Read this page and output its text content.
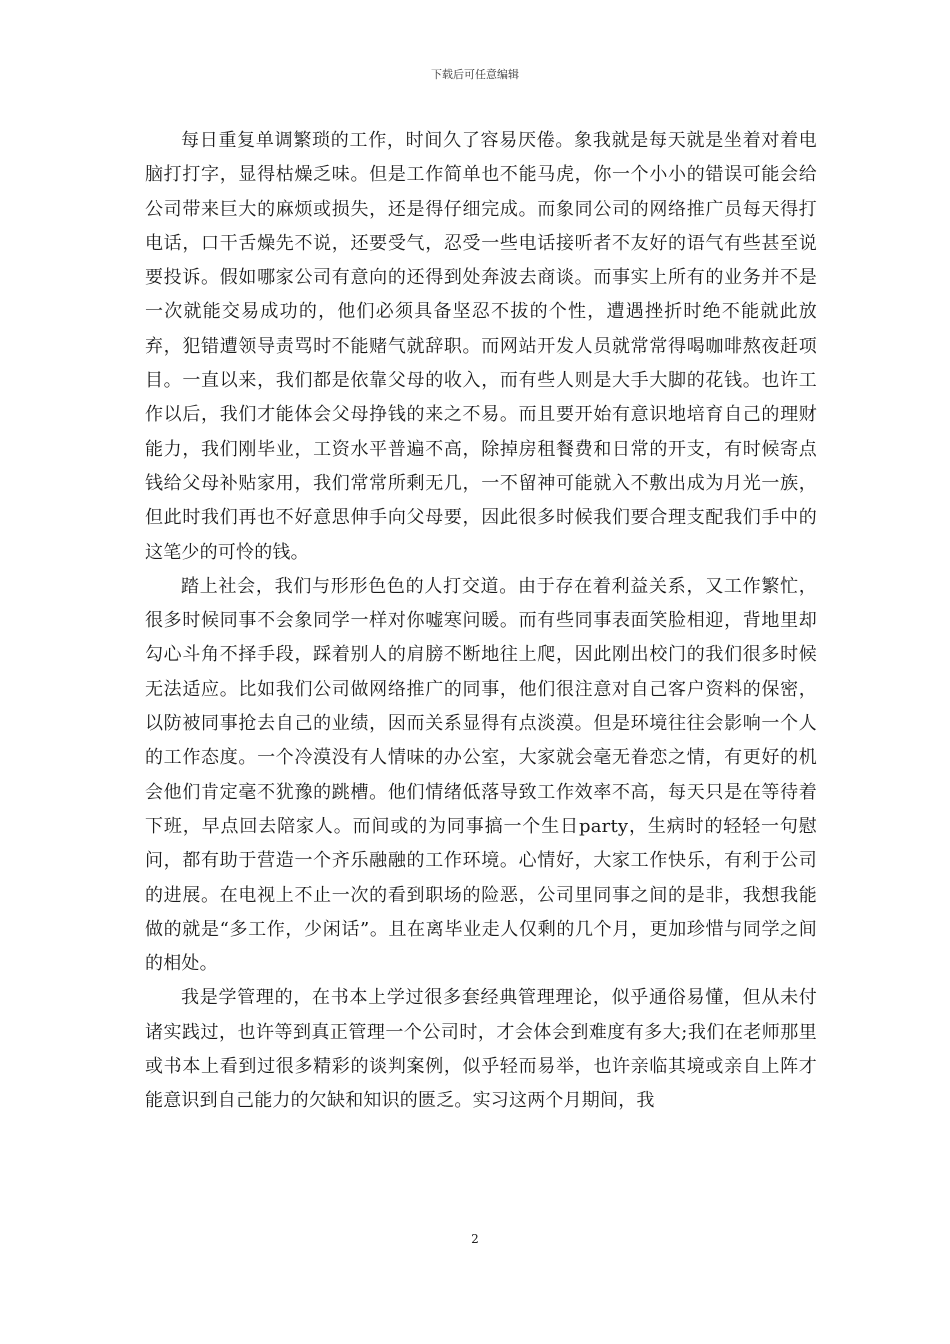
下载后可任意编辑

每日重复单调繁琐的工作，时间久了容易厌倦。象我就是每天就是坐着对着电脑打打字，显得枯燥乏味。但是工作简单也不能马虎，你一个小小的错误可能会给公司带来巨大的麻烦或损失，还是得仔细完成。而象同公司的网络推广员每天得打电话，口干舌燥先不说，还要受气，忍受一些电话接听者不友好的语气有些甚至说要投诉。假如哪家公司有意向的还得到处奔波去商谈。而事实上所有的业务并不是一次就能交易成功的，他们必须具备坚忍不拔的个性，遭遇挫折时绝不能就此放弃，犯错遭领导责骂时不能赌气就辞职。而网站开发人员就常常得喝咖啡熬夜赶项目。一直以来，我们都是依靠父母的收入，而有些人则是大手大脚的花钱。也许工作以后，我们才能体会父母挣钱的来之不易。而且要开始有意识地培育自己的理财能力，我们刚毕业，工资水平普遍不高，除掉房租餐费和日常的开支，有时候寄点钱给父母补贴家用，我们常常所剩无几，一不留神可能就入不敷出成为月光一族，但此时我们再也不好意思伸手向父母要，因此很多时候我们要合理支配我们手中的这笔少的可怜的钱。

踏上社会，我们与形形色色的人打交道。由于存在着利益关系，又工作繁忙，很多时候同事不会象同学一样对你嘘寒问暖。而有些同事表面笑脸相迎，背地里却勾心斗角不择手段，踩着别人的肩膀不断地往上爬，因此刚出校门的我们很多时候无法适应。比如我们公司做网络推广的同事，他们很注意对自己客户资料的保密，以防被同事抢去自己的业绩，因而关系显得有点淡漠。但是环境往往会影响一个人的工作态度。一个冷漠没有人情味的办公室，大家就会毫无眷恋之情，有更好的机会他们肯定毫不犹豫的跳槽。他们情绪低落导致工作效率不高，每天只是在等待着下班，早点回去陪家人。而间或的为同事搞一个生日party，生病时的轻轻一句慰问，都有助于营造一个齐乐融融的工作环境。心情好，大家工作快乐，有利于公司的进展。在电视上不止一次的看到职场的险恶，公司里同事之间的是非，我想我能做的就是“多工作，少闲话”。且在离毕业走人仅剩的几个月，更加珍惜与同学之间的相处。

我是学管理的，在书本上学过很多套经典管理理论，似乎通俗易懂，但从未付诸实践过，也许等到真正管理一个公司时，才会体会到难度有多大;我们在老师那里或书本上看到过很多精彩的谈判案例，似乎轻而易举，也许亲临其境或亲自上阵才能意识到自己能力的欠缺和知识的匮乏。实习这两个月期间，我

2
